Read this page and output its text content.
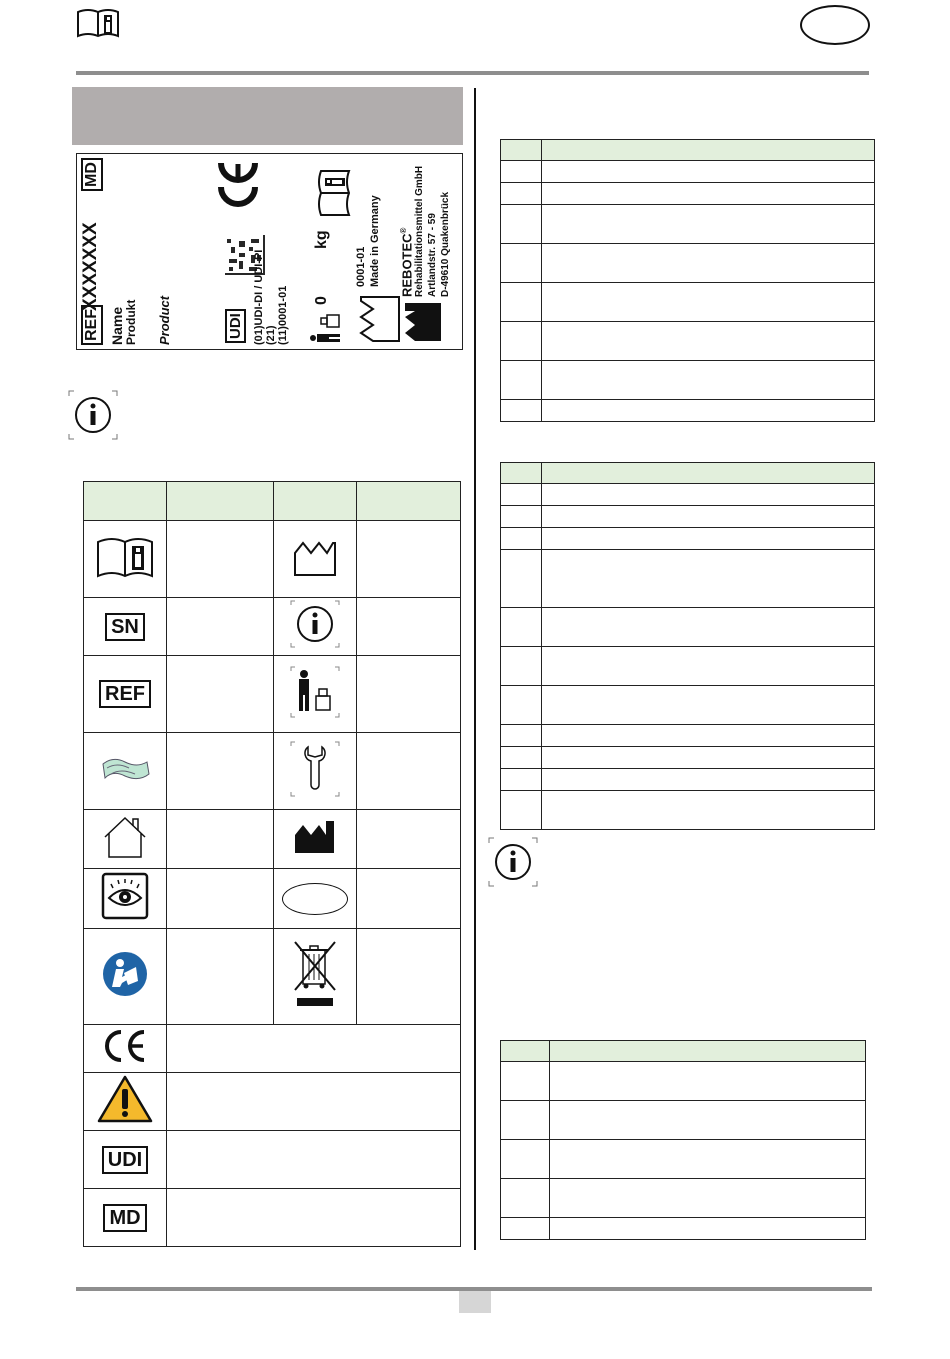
REF
XXXXXXX
MD
Name Produkt Product	UDI (01)UDI-DI / UDI-PI (21) (11)0001-01 0
kg
0001-01 Made in Germany REBOTEC® Rehabilitationsmittel GmbH Artlandstr. 57 - 59 D-49610 Quakenbrück

SN			
REF			

UDI			
MD			
